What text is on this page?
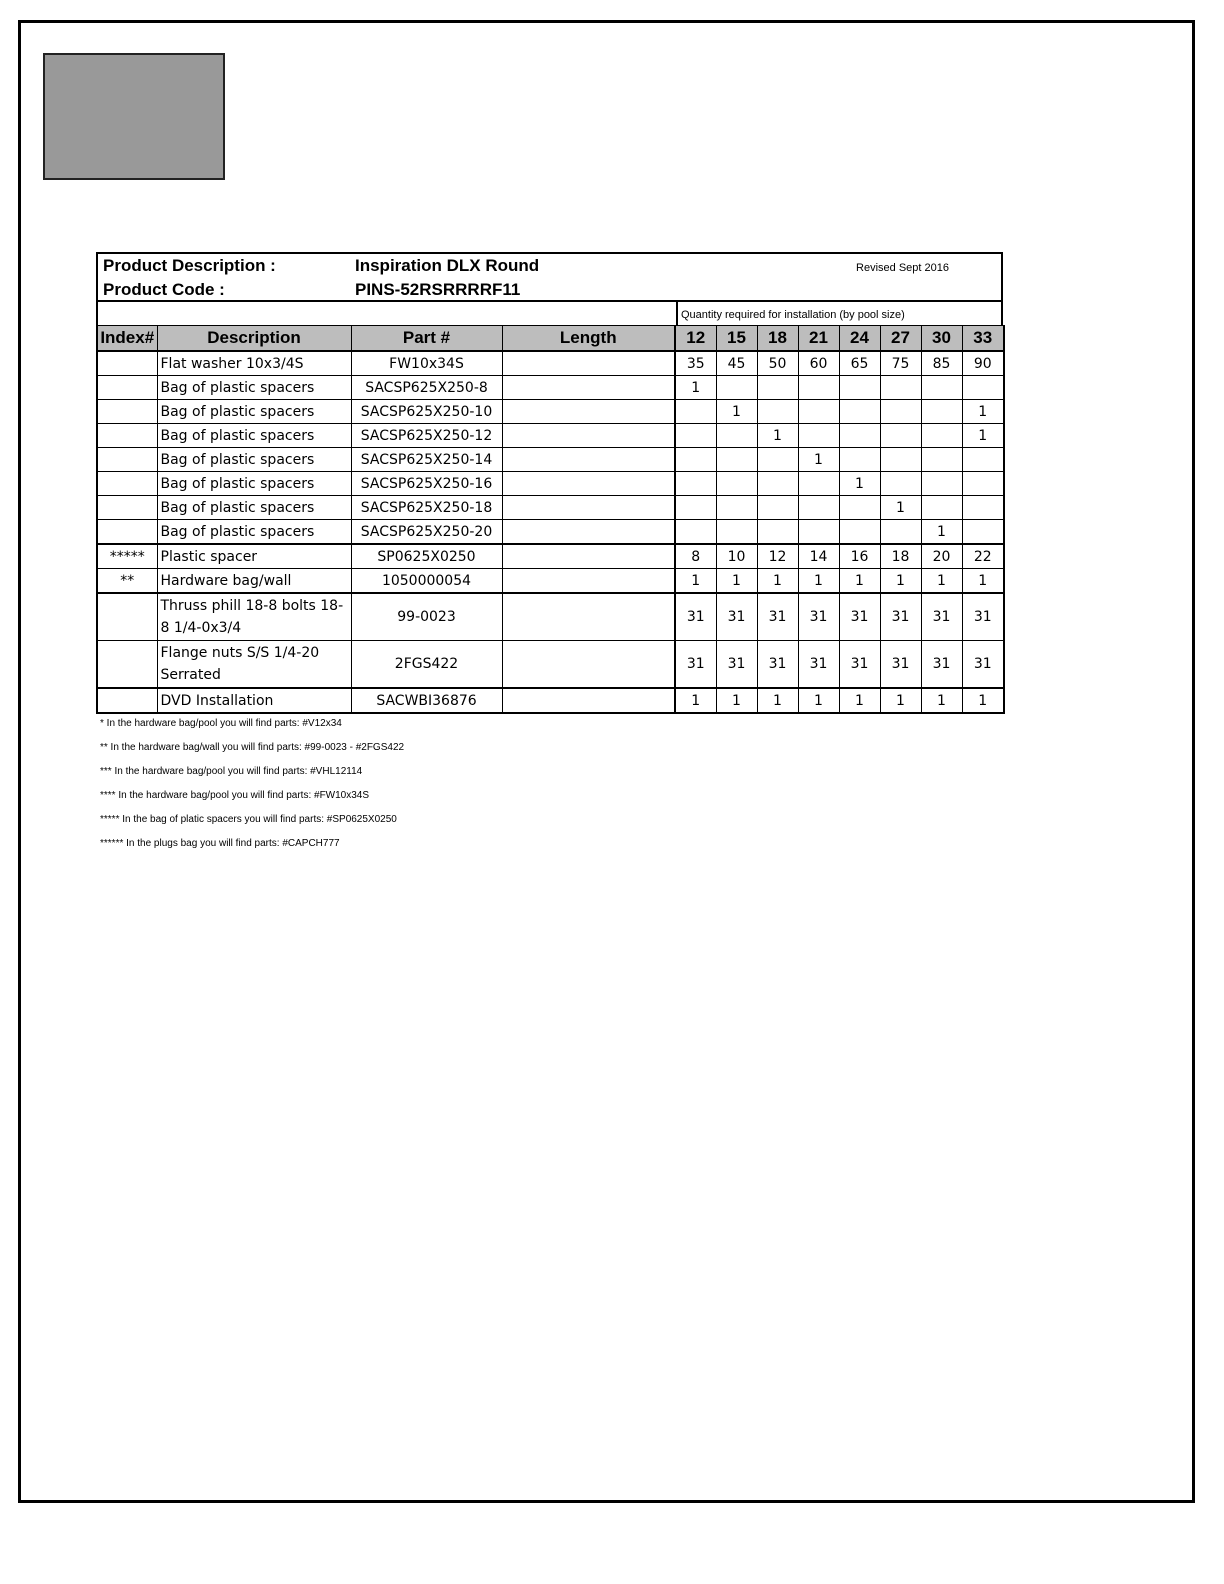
Product Description :	Inspiration DLX Round
Product Code :	PINS-52RSRRRRF11
Revised Sept 2016
Quantity required for installation (by pool size)
Index#	Description	Part #	Length	12	15	18	21	24	27	30	33
	Flat washer 10x3/4S	FW10x34S		35	45	50	60	65	75	85	90
	Bag of plastic spacers	SACSP625X250-8		1							
	Bag of plastic spacers	SACSP625X250-10			1						1
	Bag of plastic spacers	SACSP625X250-12				1					1
	Bag of plastic spacers	SACSP625X250-14					1				
	Bag of plastic spacers	SACSP625X250-16						1			
	Bag of plastic spacers	SACSP625X250-18							1		
	Bag of plastic spacers	SACSP625X250-20								1	
*****	Plastic spacer	SP0625X0250		8	10	12	14	16	18	20	22
**	Hardware bag/wall	1050000054		1	1	1	1	1	1	1	1
	Thruss phill 18-8 bolts 18-8 1/4-0x3/4	99-0023		31	31	31	31	31	31	31	31
	Flange nuts S/S 1/4-20 Serrated	2FGS422		31	31	31	31	31	31	31	31
	DVD Installation	SACWBI36876		1	1	1	1	1	1	1	1
* In the hardware bag/pool you will find parts: #V12x34
** In the hardware bag/wall you will find parts: #99-0023 - #2FGS422
*** In the hardware bag/pool you will find parts: #VHL12114
**** In the hardware bag/pool you will find parts: #FW10x34S
***** In the bag of platic spacers you will find parts: #SP0625X0250
****** In the plugs bag you will find parts: #CAPCH777
